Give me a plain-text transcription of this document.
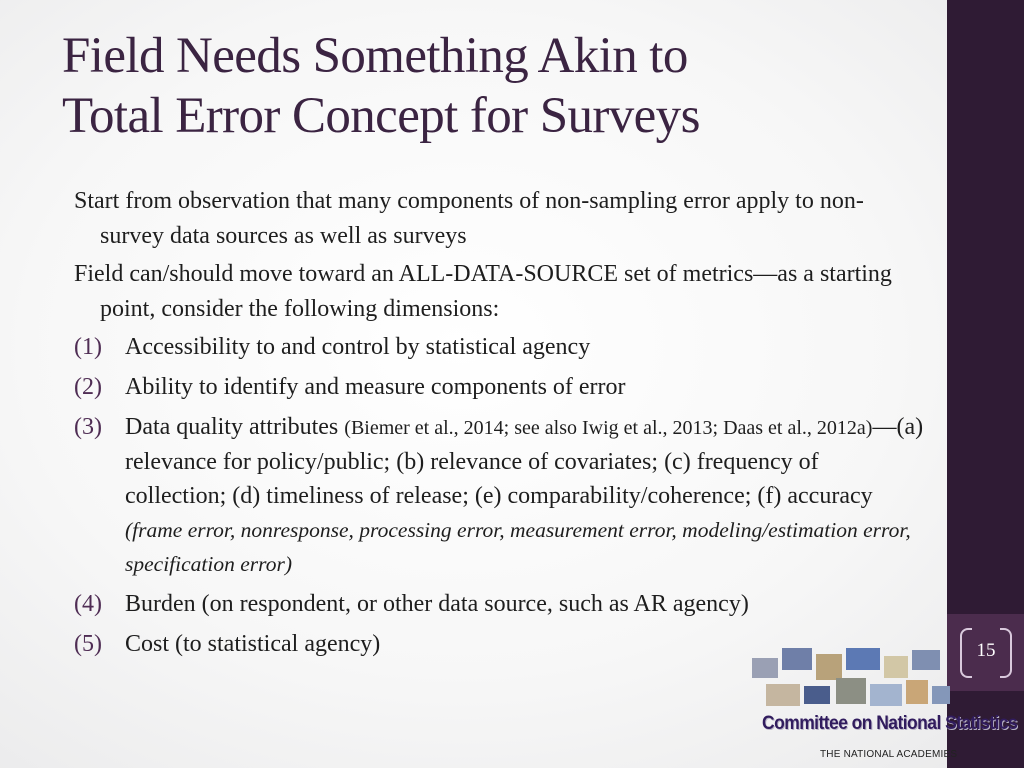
15
Field Needs Something Akin to
Total Error Concept for Surveys
Start from observation that many components of non-sampling error apply to non-survey data sources as well as surveys
Field can/should move toward an ALL-DATA-SOURCE set of metrics—as a starting point, consider the following dimensions:
(1) Accessibility to and control by statistical agency
(2) Ability to identify and measure components of error
(3) Data quality attributes (Biemer et al., 2014; see also Iwig et al., 2013; Daas et al., 2012a)—(a) relevance for policy/public; (b) relevance of covariates; (c) frequency of collection; (d) timeliness of release; (e) comparability/coherence; (f) accuracy (frame error, nonresponse, processing error, measurement error, modeling/estimation error, specification error)
(4) Burden (on respondent, or other data source, such as AR agency)
(5) Cost (to statistical agency)
Committee on National Statistics
THE NATIONAL ACADEMIES
